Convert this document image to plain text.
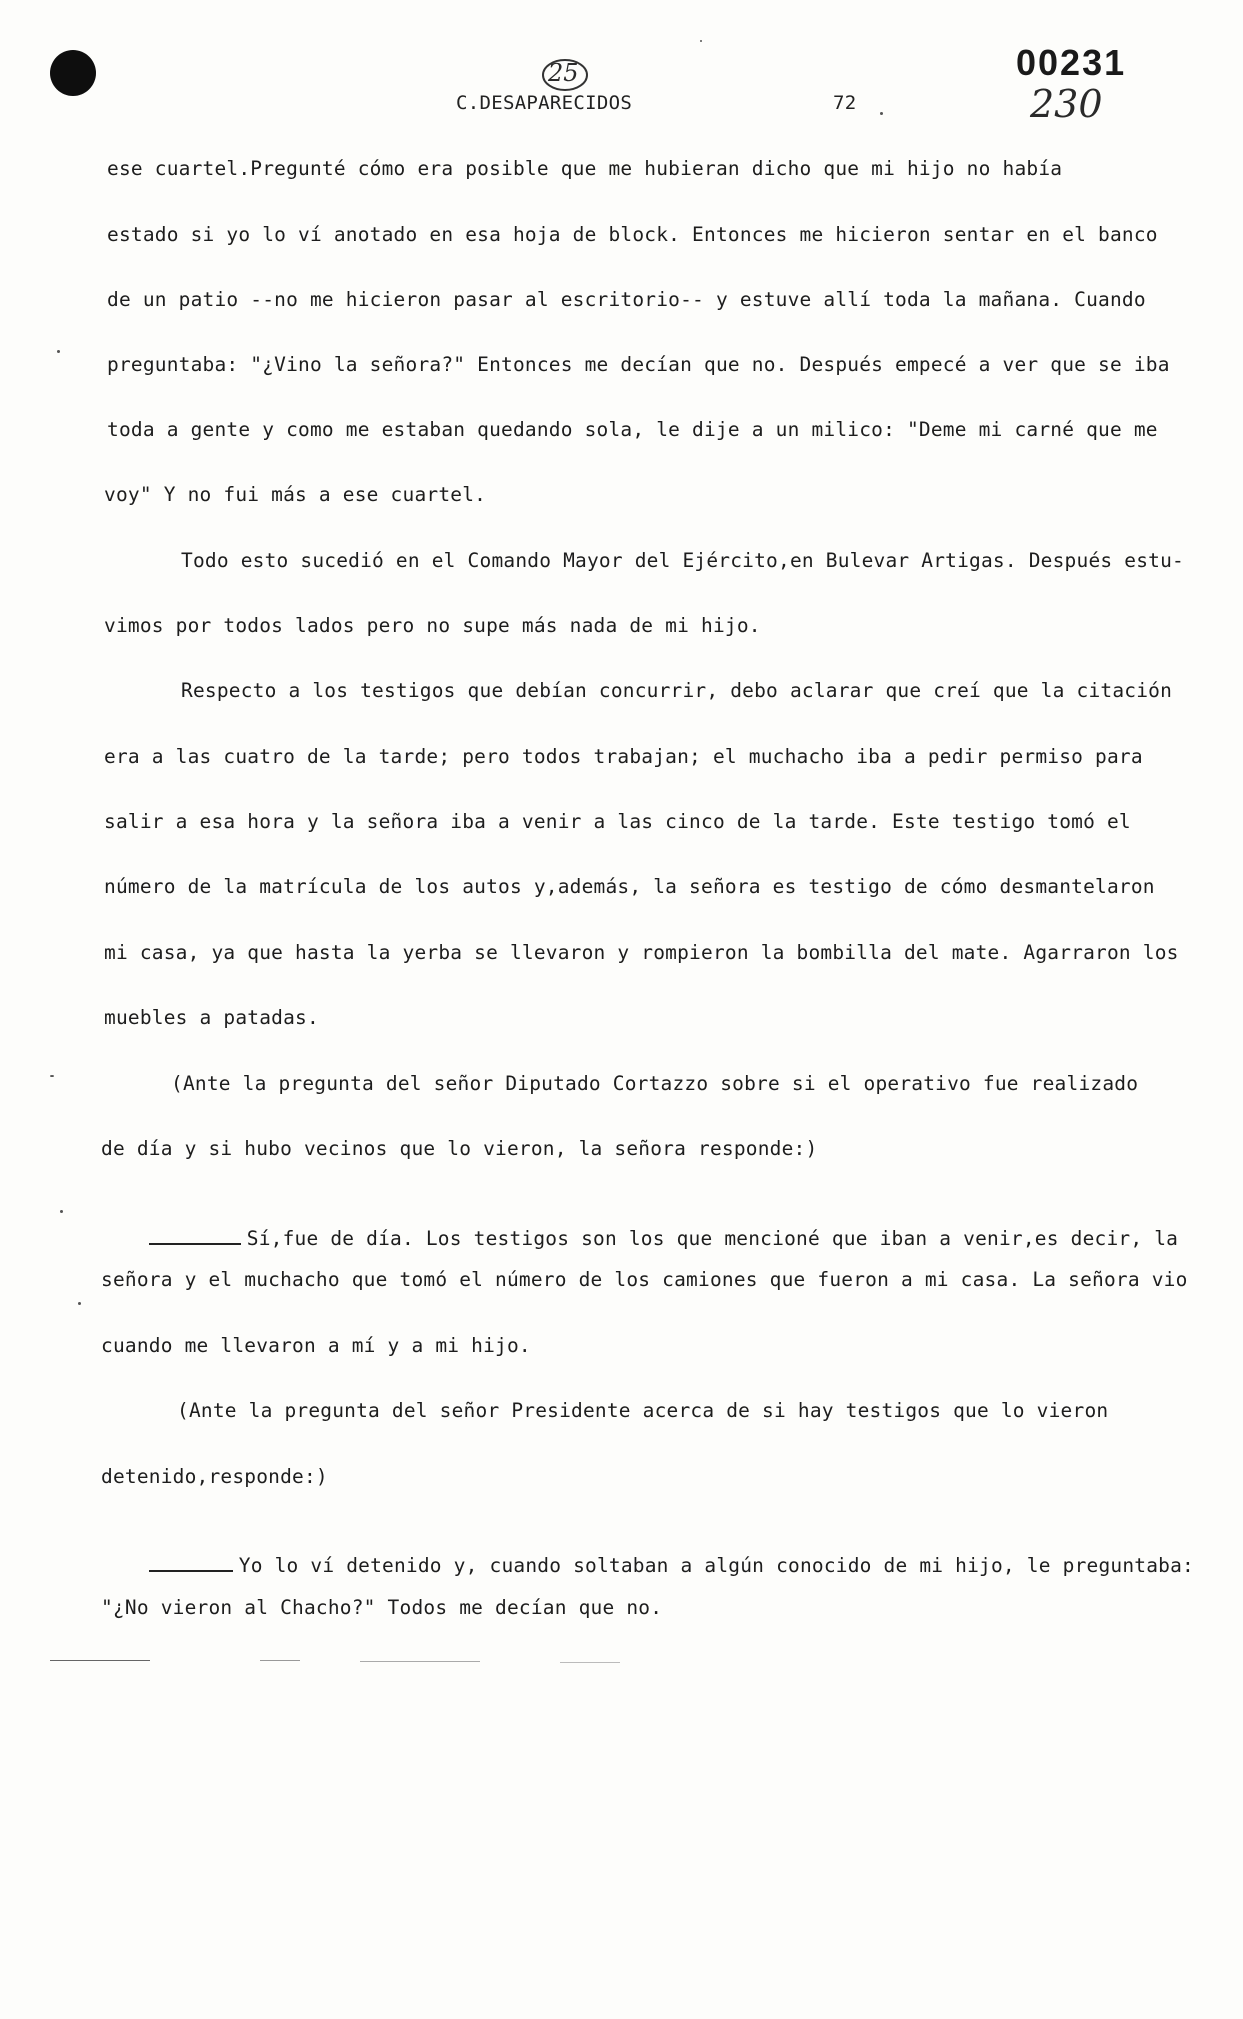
25
C.DESAPARECIDOS	72
00231
230
ese cuartel.Pregunté cómo era posible que me hubieran dicho que mi hijo no había
estado si yo lo ví anotado en esa hoja de block. Entonces me hicieron sentar en el banco
de un patio --no me hicieron pasar al escritorio-- y estuve allí toda la mañana. Cuando
preguntaba: "¿Vino la señora?" Entonces me decían que no. Después empecé a ver que se iba
toda a gente y como me estaban quedando sola, le dije a un milico: "Deme mi carné que me
voy" Y no fui más a ese cuartel.
Todo esto sucedió en el Comando Mayor del Ejército,en Bulevar Artigas. Después estu-
vimos por todos lados pero no supe más nada de mi hijo.
Respecto a los testigos que debían concurrir, debo aclarar que creí que la citación
era a las cuatro de la tarde; pero todos trabajan; el muchacho iba a pedir permiso para
salir a esa hora y la señora iba a venir a las cinco de la tarde. Este testigo tomó el
número de la matrícula de los autos y,además, la señora es testigo de cómo desmantelaron
mi casa, ya que hasta la yerba se llevaron y rompieron la bombilla del mate. Agarraron los
muebles a patadas.
(Ante la pregunta del señor Diputado Cortazzo sobre si el operativo fue realizado
de día y si hubo vecinos que lo vieron, la señora responde:)

Sí,fue de día. Los testigos son los que mencioné que iban a venir,es decir, la

señora y el muchacho que tomó el número de los camiones que fueron a mi casa. La señora vio
cuando me llevaron a mí y a mi hijo.
(Ante la pregunta del señor Presidente acerca de si hay testigos que lo vieron
detenido,responde:)

Yo lo ví detenido y, cuando soltaban a algún conocido de mi hijo, le preguntaba:

"¿No vieron al Chacho?" Todos me decían que no.
